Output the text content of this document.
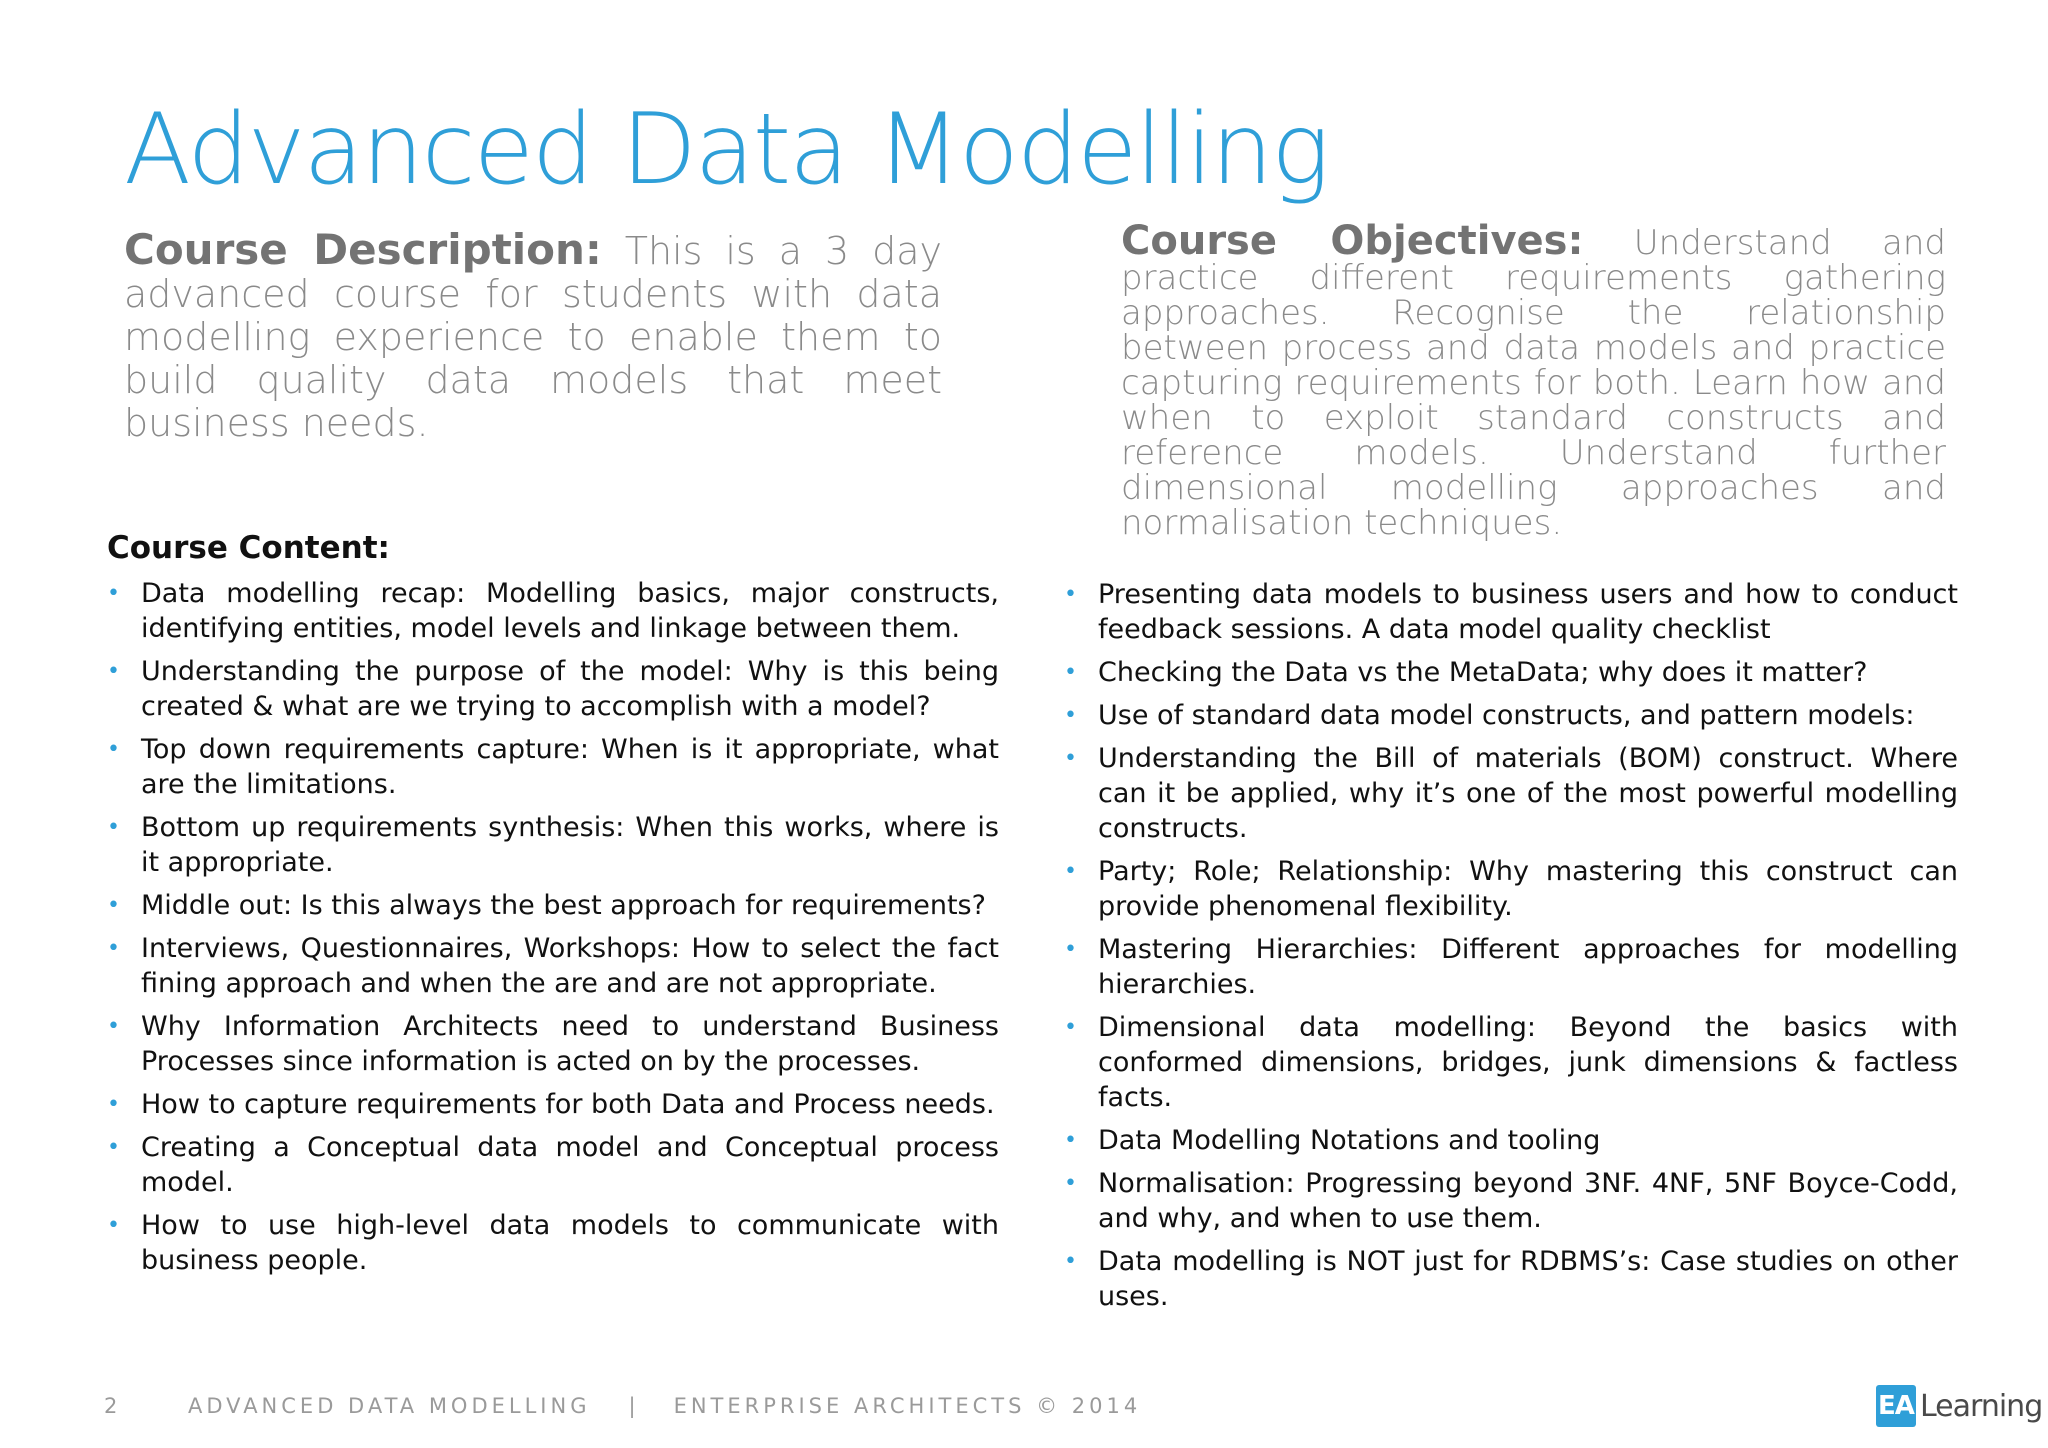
Advanced Data Modelling

Course Description: This is a 3 day advanced course for students with data modelling experience to enable them to build quality data models that meet business needs.

Course Objectives: Understand and practice different requirements gathering approaches. Recognise the relationship between process and data models and practice capturing requirements for both. Learn how and when to exploit standard constructs and reference models. Understand further dimensional modelling approaches and normalisation techniques.

Course Content:
• Data modelling recap: Modelling basics, major constructs, identifying entities, model levels and linkage between them.
• Understanding the purpose of the model: Why is this being created & what are we trying to accomplish with a model?
• Top down requirements capture: When is it appropriate, what are the limitations.
• Bottom up requirements synthesis: When this works, where is it appropriate.
• Middle out: Is this always the best approach for requirements?
• Interviews, Questionnaires, Workshops: How to select the fact fining approach and when the are and are not appropriate.
• Why Information Architects need to understand Business Processes since information is acted on by the processes.
• How to capture requirements for both Data and Process needs.
• Creating a Conceptual data model and Conceptual process model.
• How to use high-level data models to communicate with business people.
• Presenting data models to business users and how to conduct feedback sessions. A data model quality checklist
• Checking the Data vs the MetaData; why does it matter?
• Use of standard data model constructs, and pattern models:
• Understanding the Bill of materials (BOM) construct. Where can it be applied, why it’s one of the most powerful modelling constructs.
• Party; Role; Relationship: Why mastering this construct can provide phenomenal flexibility.
• Mastering Hierarchies: Different approaches for modelling hierarchies.
• Dimensional data modelling: Beyond the basics with conformed dimensions, bridges, junk dimensions & factless facts.
• Data Modelling Notations and tooling
• Normalisation: Progressing beyond 3NF. 4NF, 5NF Boyce-Codd, and why, and when to use them.
• Data modelling is NOT just for RDBMS’s: Case studies on other uses.
2	ADVANCED DATA MODELLING | ENTERPRISE ARCHITECTS © 2014	EA Learning
